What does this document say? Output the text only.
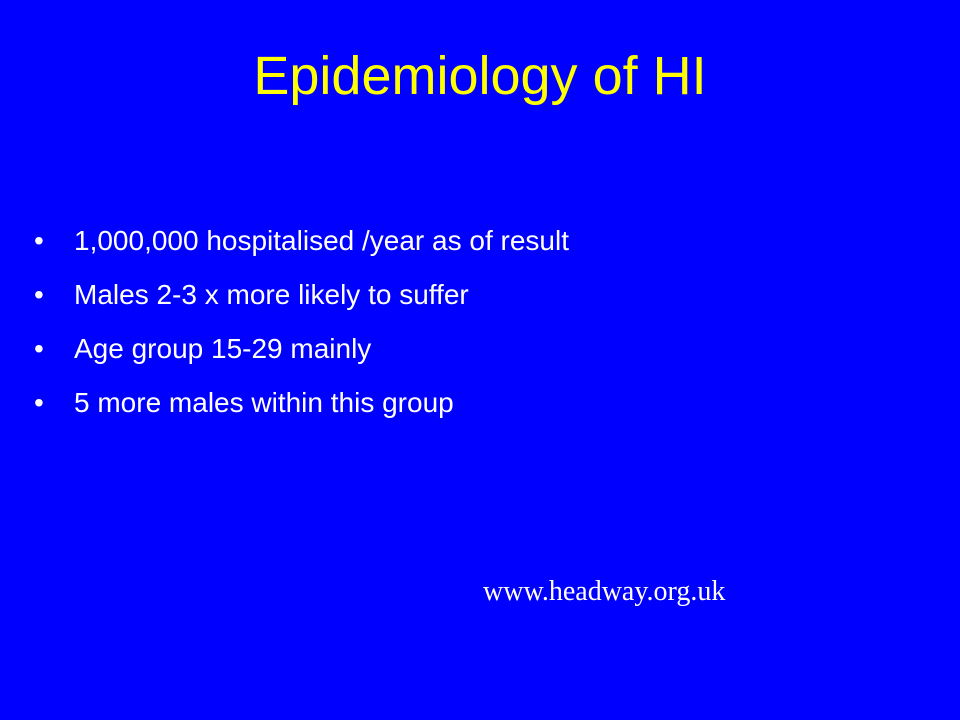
Epidemiology of HI
•	1,000,000 hospitalised /year as of result
•	Males 2-3 x more likely to suffer
•	Age group 15-29 mainly
•	5 more males within this group
www.headway.org.uk
